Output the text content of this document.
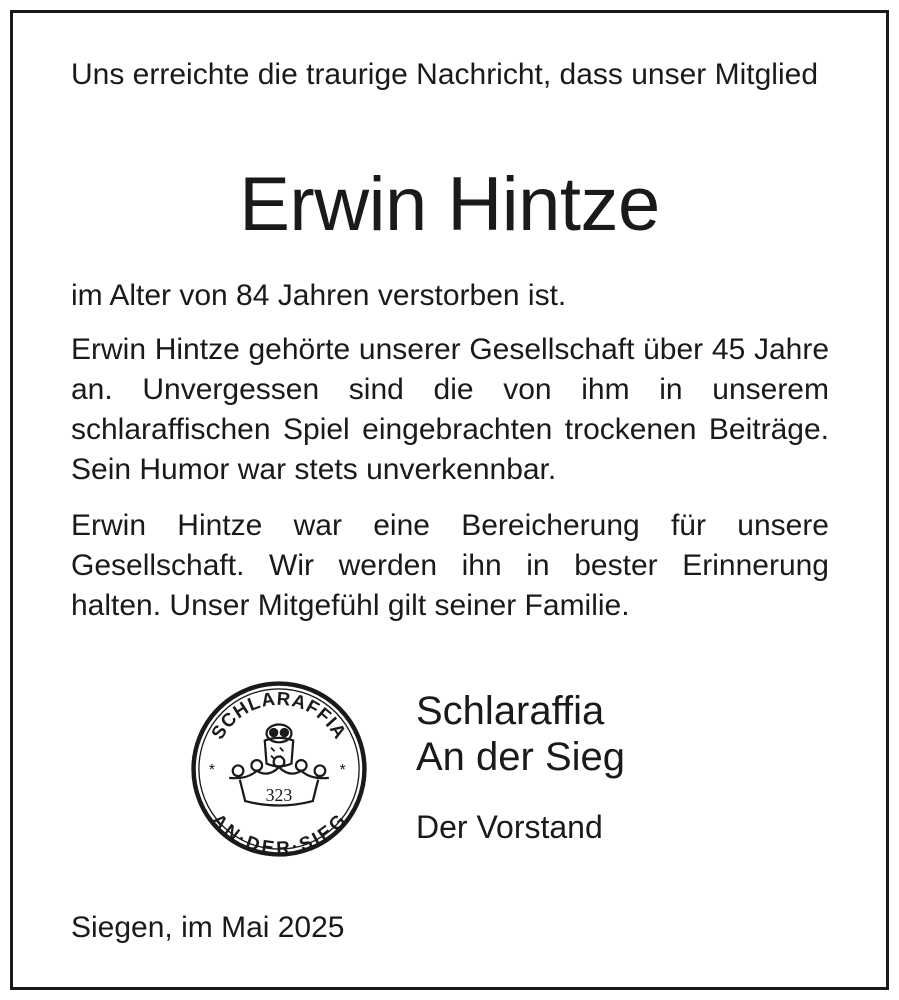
Uns erreichte die traurige Nachricht, dass unser Mitglied
Erwin Hintze
im Alter von 84 Jahren verstorben ist.
Erwin Hintze gehörte unserer Gesellschaft über 45 Jahre an. Unvergessen sind die von ihm in unserem schlaraffischen Spiel eingebrachten trockenen Beiträge. Sein Humor war stets unverkennbar.
Erwin Hintze war eine Bereicherung für unsere Gesellschaft. Wir werden ihn in bester Erinnerung halten. Unser Mitgefühl gilt seiner Familie.
SCHLARAFFIA
AN·DER·SIEG
*	*
323
Schlaraffia
An der Sieg
Der Vorstand
Siegen, im Mai 2025
